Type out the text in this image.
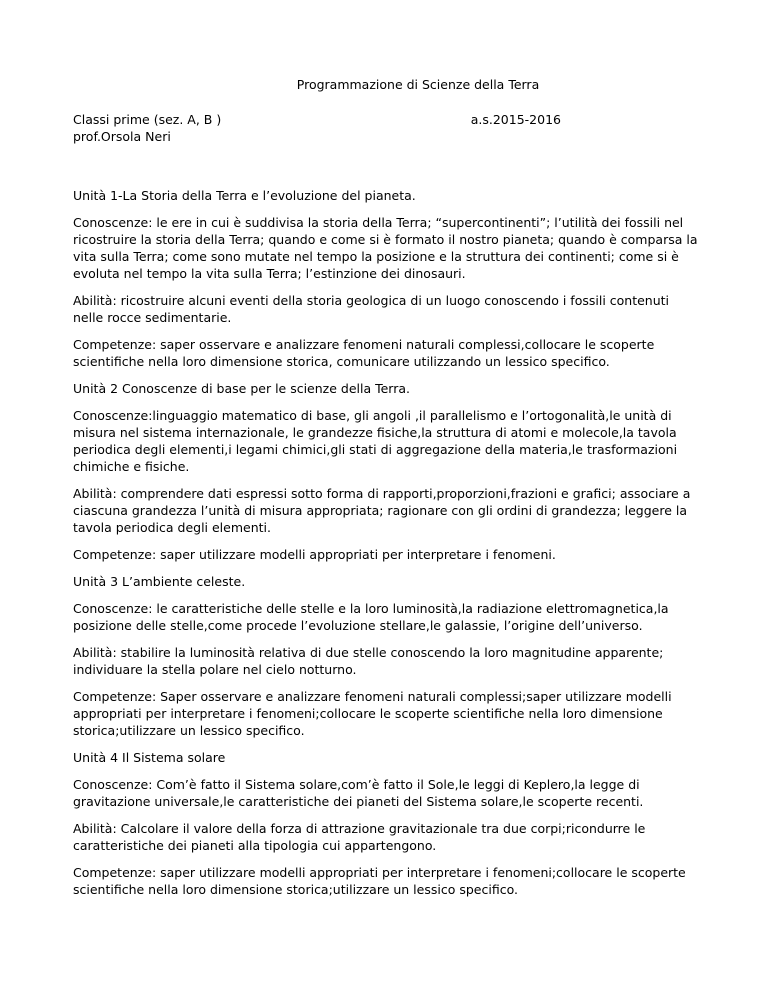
Programmazione di Scienze della Terra

Classi prime (sez. A, B )	a.s.2015-2016

prof.Orsola Neri

Unità 1-La Storia della Terra e l’evoluzione del pianeta.

Conoscenze: le ere in cui è suddivisa la storia della Terra; “supercontinenti”; l’utilità dei fossili nel ricostruire la storia della Terra; quando e come si è formato il nostro pianeta; quando è comparsa la vita sulla Terra; come sono mutate nel tempo la posizione e la struttura dei continenti; come si è evoluta nel tempo la vita sulla Terra; l’estinzione dei dinosauri.

Abilità: ricostruire alcuni eventi della storia geologica di un luogo conoscendo i fossili contenuti nelle rocce sedimentarie.

Competenze: saper osservare e analizzare fenomeni naturali complessi,collocare le scoperte scientifiche nella loro dimensione storica, comunicare utilizzando un lessico specifico.

Unità 2 Conoscenze di base per le scienze della Terra.

Conoscenze:linguaggio matematico di base, gli angoli ,il parallelismo e l’ortogonalità,le unità di misura nel sistema internazionale, le grandezze fisiche,la struttura di atomi e molecole,la tavola periodica degli elementi,i legami chimici,gli stati di aggregazione della materia,le trasformazioni chimiche e fisiche.

Abilità: comprendere dati espressi sotto forma di rapporti,proporzioni,frazioni e grafici; associare a ciascuna grandezza l’unità di misura appropriata; ragionare con gli ordini di grandezza; leggere la tavola periodica degli elementi.

Competenze: saper utilizzare modelli appropriati per interpretare i fenomeni.

Unità 3 L’ambiente celeste.

Conoscenze: le caratteristiche delle stelle e la loro luminosità,la radiazione elettromagnetica,la posizione delle stelle,come procede l’evoluzione stellare,le galassie, l’origine dell’universo.

Abilità: stabilire la luminosità relativa di due stelle conoscendo la loro magnitudine apparente; individuare la stella polare nel cielo notturno.

Competenze: Saper osservare e analizzare fenomeni naturali complessi;saper utilizzare modelli appropriati per interpretare i fenomeni;collocare le scoperte scientifiche nella loro dimensione storica;utilizzare un lessico specifico.

Unità 4 Il Sistema solare

Conoscenze: Com’è fatto il Sistema solare,com’è fatto il Sole,le leggi di Keplero,la legge di gravitazione universale,le caratteristiche dei pianeti del Sistema solare,le scoperte recenti.

Abilità: Calcolare il valore della forza di attrazione gravitazionale tra due corpi;ricondurre le caratteristiche dei pianeti alla tipologia cui appartengono.

Competenze: saper utilizzare modelli appropriati per interpretare i fenomeni;collocare le scoperte scientifiche nella loro dimensione storica;utilizzare un lessico specifico.
